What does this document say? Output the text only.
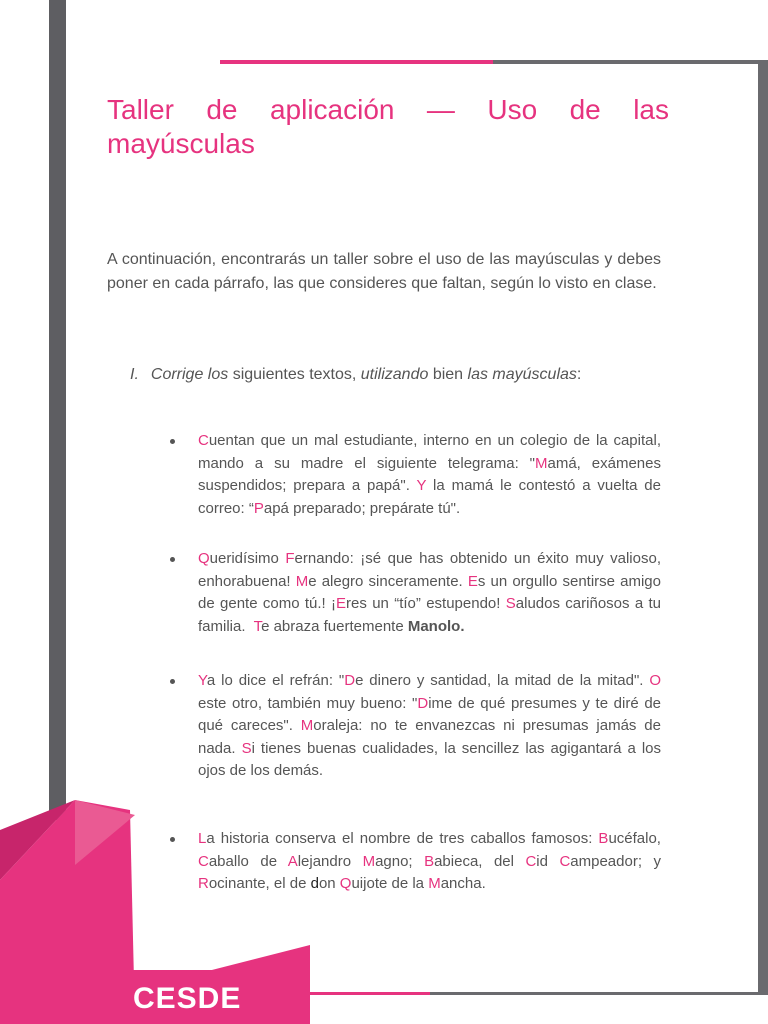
CESDE
Taller de aplicación — Uso de las mayúsculas

A continuación, encontrarás un taller sobre el uso de las mayúsculas y debes poner en cada párrafo, las que consideres que faltan, según lo visto en clase.

I. Corrige los siguientes textos, utilizando bien las mayúsculas:

Cuentan que un mal estudiante, interno en un colegio de la capital, mando a su madre el siguiente telegrama: "Mamá, exámenes suspendidos; prepara a papá". Y la mamá le contestó a vuelta de correo: “Papá preparado; prepárate tú".
Queridísimo Fernando: ¡sé que has obtenido un éxito muy valioso, enhorabuena! Me alegro sinceramente. Es un orgullo sentirse amigo de gente como tú.! ¡Eres un “tío” estupendo! Saludos cariñosos a tu familia.  Te abraza fuertemente Manolo.
Ya lo dice el refrán: "De dinero y santidad, la mitad de la mitad". O este otro, también muy bueno: "Dime de qué presumes y te diré de qué careces". Moraleja: no te envanezcas ni presumas jamás de nada. Si tienes buenas cualidades, la sencillez las agigantará a los ojos de los demás.
La historia conserva el nombre de tres caballos famosos: Bucéfalo, Caballo de Alejandro Magno; Babieca, del Cid Campeador; y Rocinante, el de don Quijote de la Mancha.
